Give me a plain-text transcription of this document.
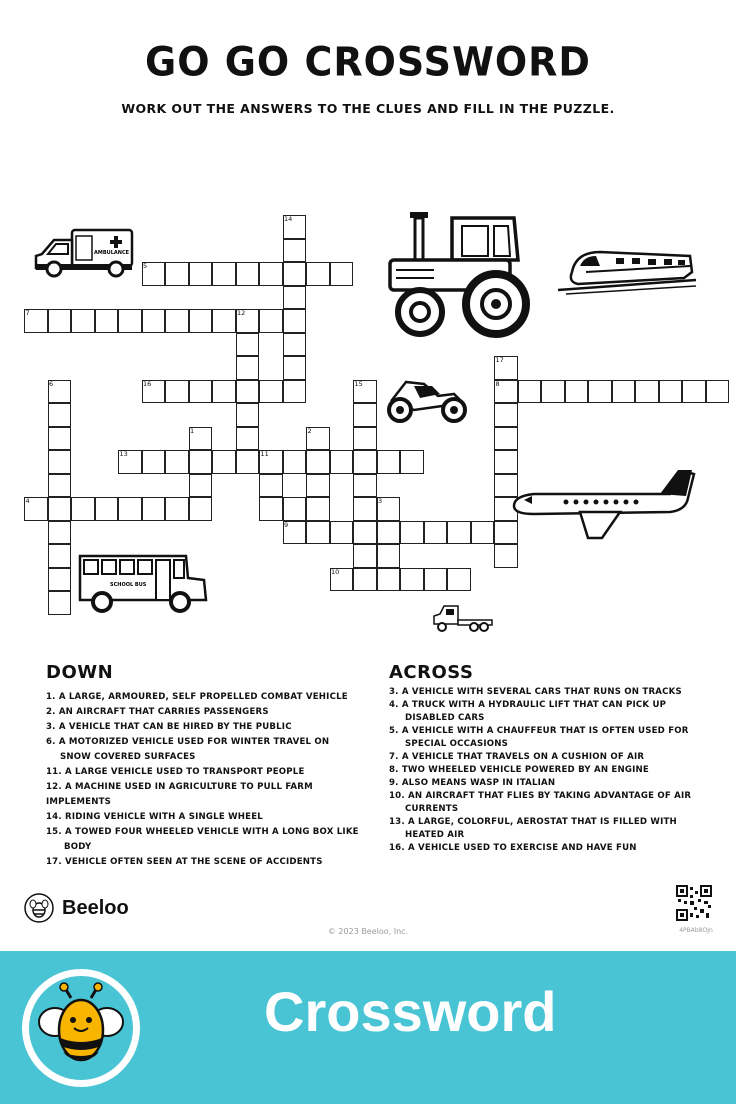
GO GO CROSSWORD
WORK OUT THE ANSWERS TO THE CLUES AND FILL IN THE PUZZLE.
14
5
7	12
17
6	16	15	8
1	2
13	11
4	3
9
10
AMBULANCE
SCHOOL BUS
DOWN
1. A LARGE, ARMOURED, SELF PROPELLED COMBAT VEHICLE
2. AN AIRCRAFT THAT CARRIES PASSENGERS
3. A VEHICLE THAT CAN BE HIRED BY THE PUBLIC
6. A MOTORIZED VEHICLE USED FOR WINTER TRAVEL ON
SNOW COVERED SURFACES
11. A LARGE VEHICLE USED TO TRANSPORT PEOPLE
12. A MACHINE USED IN AGRICULTURE TO PULL FARM IMPLEMENTS
14. RIDING VEHICLE WITH A SINGLE WHEEL
15. A TOWED FOUR WHEELED VEHICLE WITH A LONG BOX LIKE
BODY
17. VEHICLE OFTEN SEEN AT THE SCENE OF ACCIDENTS
ACROSS
3. A VEHICLE WITH SEVERAL CARS THAT RUNS ON TRACKS
4. A TRUCK WITH A HYDRAULIC LIFT THAT CAN PICK UP
DISABLED CARS
5. A VEHICLE WITH A CHAUFFEUR THAT IS OFTEN USED FOR
SPECIAL OCCASIONS
7. A VEHICLE THAT TRAVELS ON A CUSHION OF AIR
8. TWO WHEELED VEHICLE POWERED BY AN ENGINE
9. ALSO MEANS WASP IN ITALIAN
10. AN AIRCRAFT THAT FLIES BY TAKING ADVANTAGE OF AIR
CURRENTS
13. A LARGE, COLORFUL, AEROSTAT THAT IS FILLED WITH
HEATED AIR
16. A VEHICLE USED TO EXERCISE AND HAVE FUN
Beeloo
© 2023 Beeloo, Inc.	4PBAb8OJn
Crossword
